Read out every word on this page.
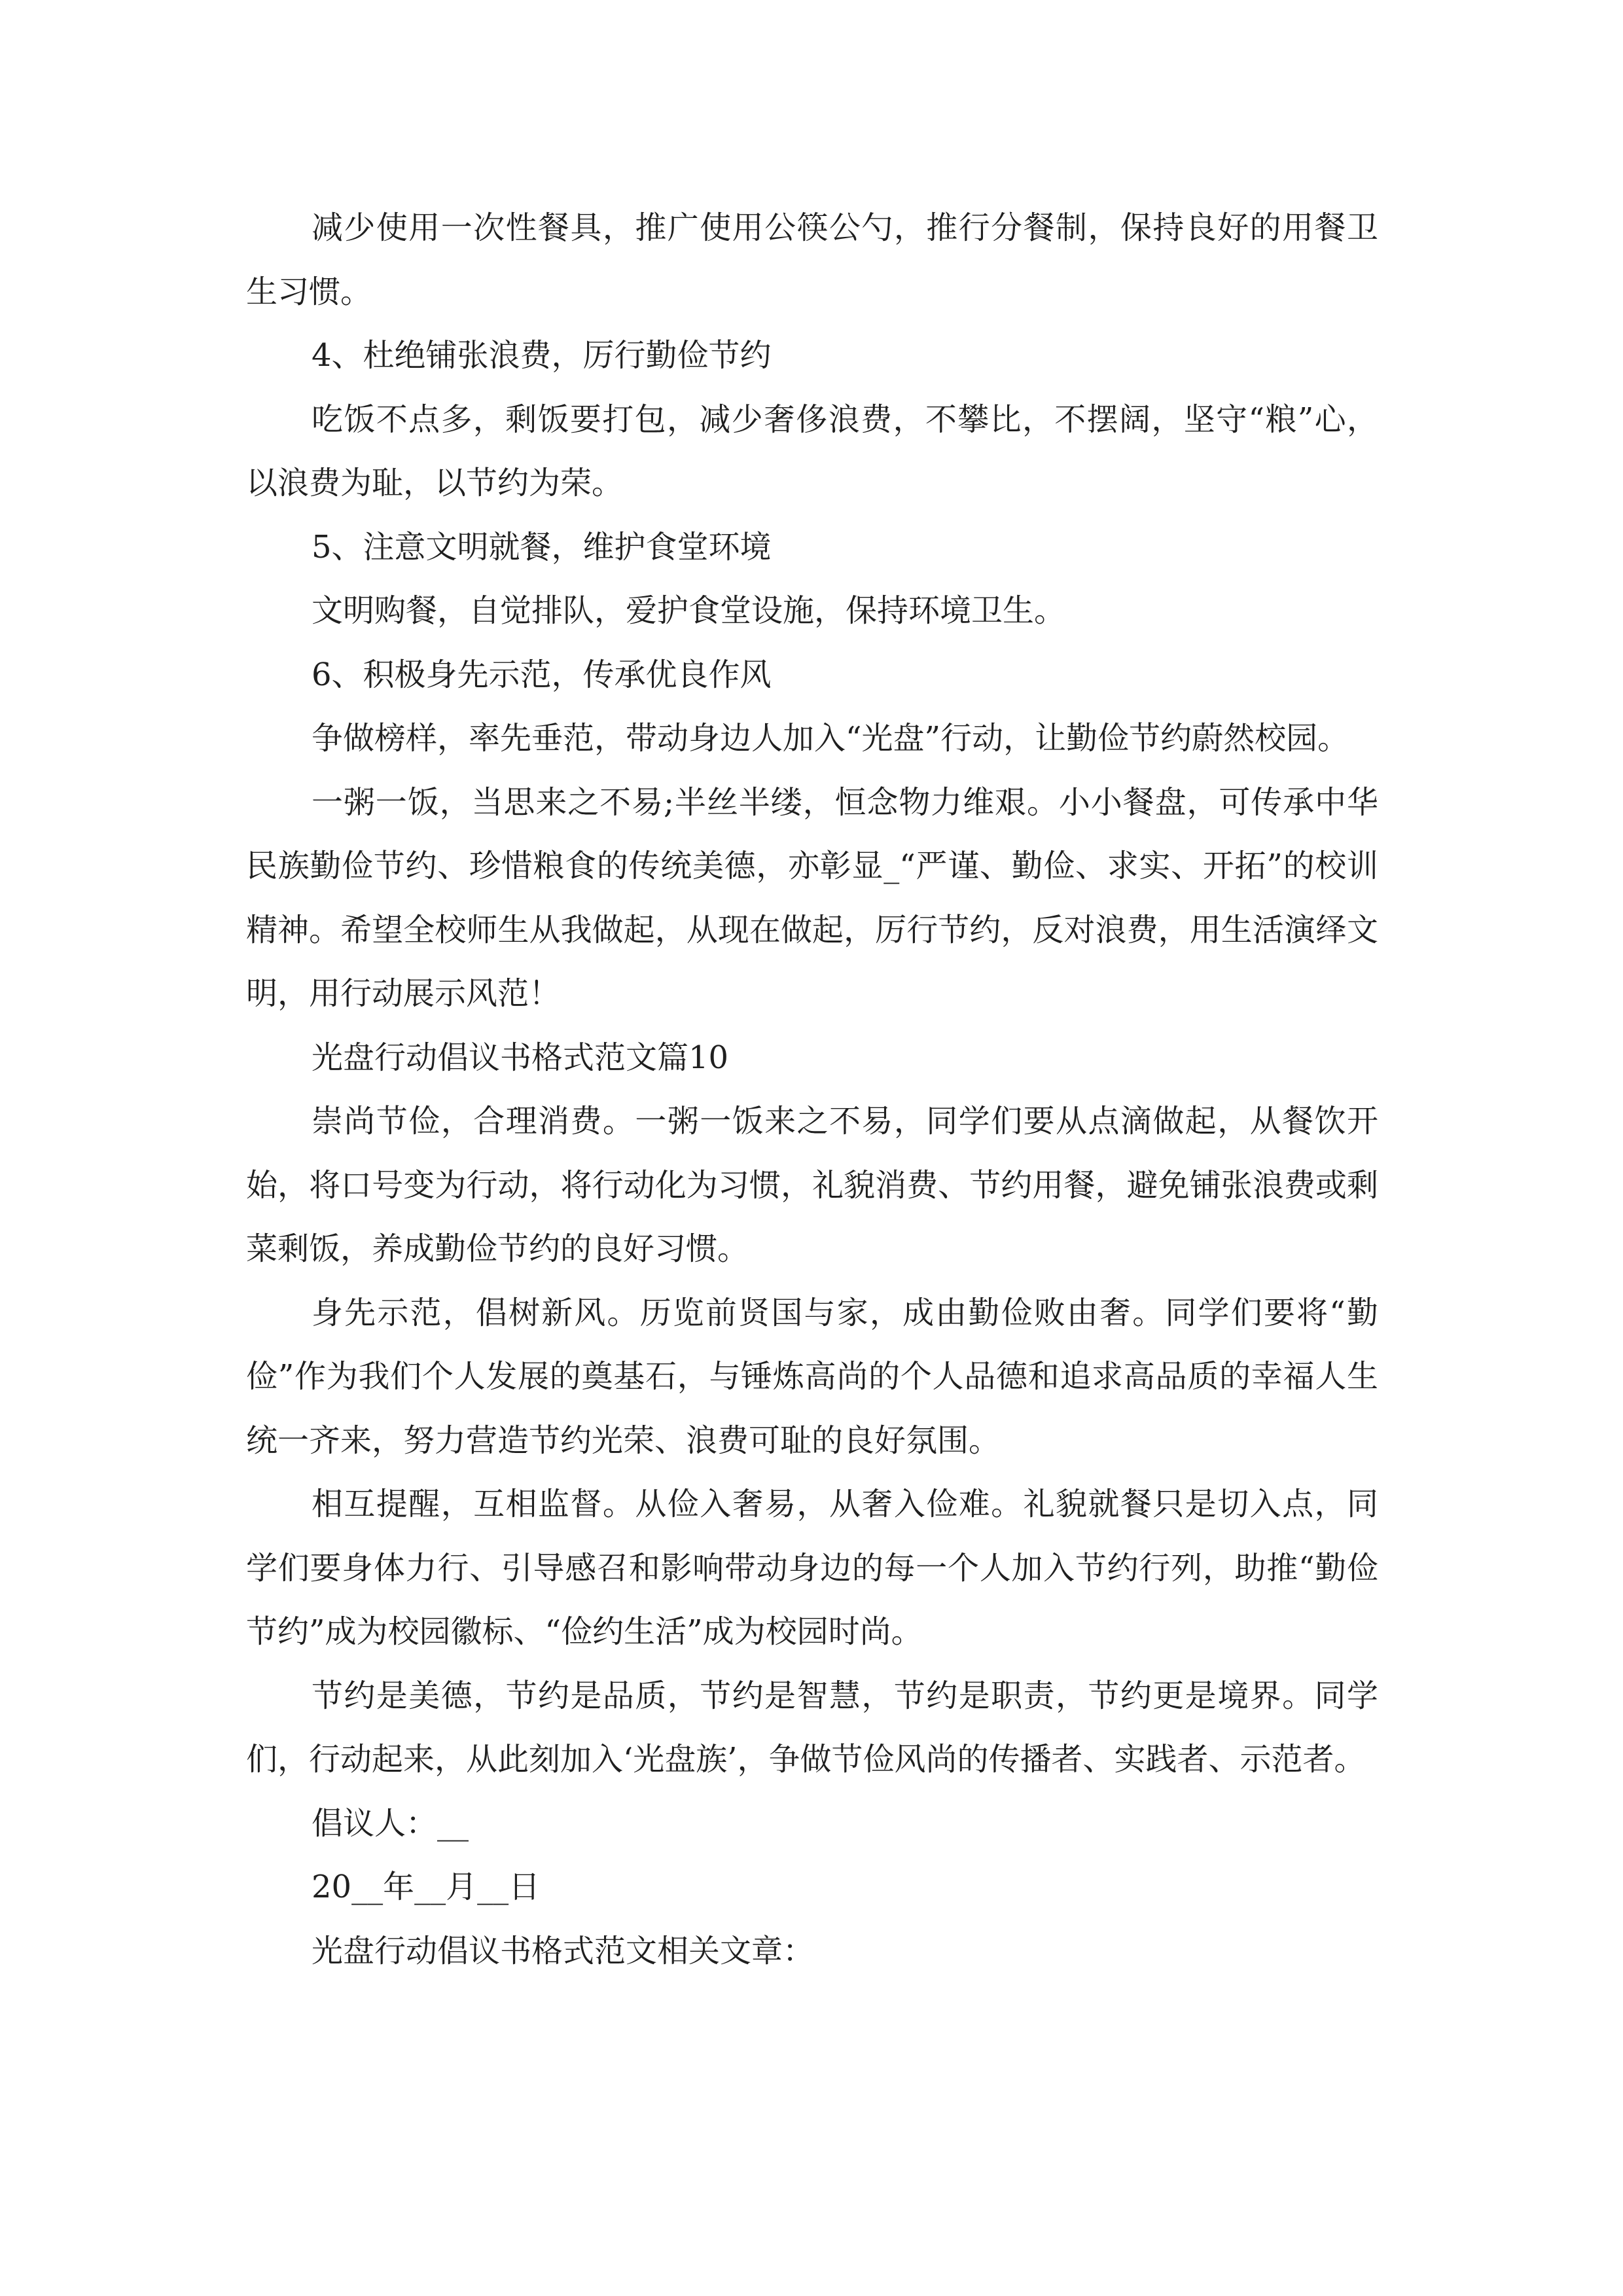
减少使用一次性餐具，推广使用公筷公勺，推行分餐制，保持良好的用餐卫生习惯。

4、杜绝铺张浪费，厉行勤俭节约

吃饭不点多，剩饭要打包，减少奢侈浪费，不攀比，不摆阔，坚守“粮”心，以浪费为耻，以节约为荣。

5、注意文明就餐，维护食堂环境

文明购餐，自觉排队，爱护食堂设施，保持环境卫生。

6、积极身先示范，传承优良作风

争做榜样，率先垂范，带动身边人加入“光盘”行动，让勤俭节约蔚然校园。

一粥一饭，当思来之不易;半丝半缕，恒念物力维艰。小小餐盘，可传承中华民族勤俭节约、珍惜粮食的传统美德，亦彰显_“严谨、勤俭、求实、开拓”的校训精神。希望全校师生从我做起，从现在做起，厉行节约，反对浪费，用生活演绎文明，用行动展示风范！

光盘行动倡议书格式范文篇10

崇尚节俭，合理消费。一粥一饭来之不易，同学们要从点滴做起，从餐饮开始，将口号变为行动，将行动化为习惯，礼貌消费、节约用餐，避免铺张浪费或剩菜剩饭，养成勤俭节约的良好习惯。

身先示范，倡树新风。历览前贤国与家，成由勤俭败由奢。同学们要将“勤俭”作为我们个人发展的奠基石，与锤炼高尚的个人品德和追求高品质的幸福人生统一齐来，努力营造节约光荣、浪费可耻的良好氛围。

相互提醒，互相监督。从俭入奢易，从奢入俭难。礼貌就餐只是切入点，同学们要身体力行、引导感召和影响带动身边的每一个人加入节约行列，助推“勤俭节约”成为校园徽标、“俭约生活”成为校园时尚。

节约是美德，节约是品质，节约是智慧，节约是职责，节约更是境界。同学们，行动起来，从此刻加入‘光盘族’，争做节俭风尚的传播者、实践者、示范者。

倡议人：__

20__年__月__日

光盘行动倡议书格式范文相关文章：
